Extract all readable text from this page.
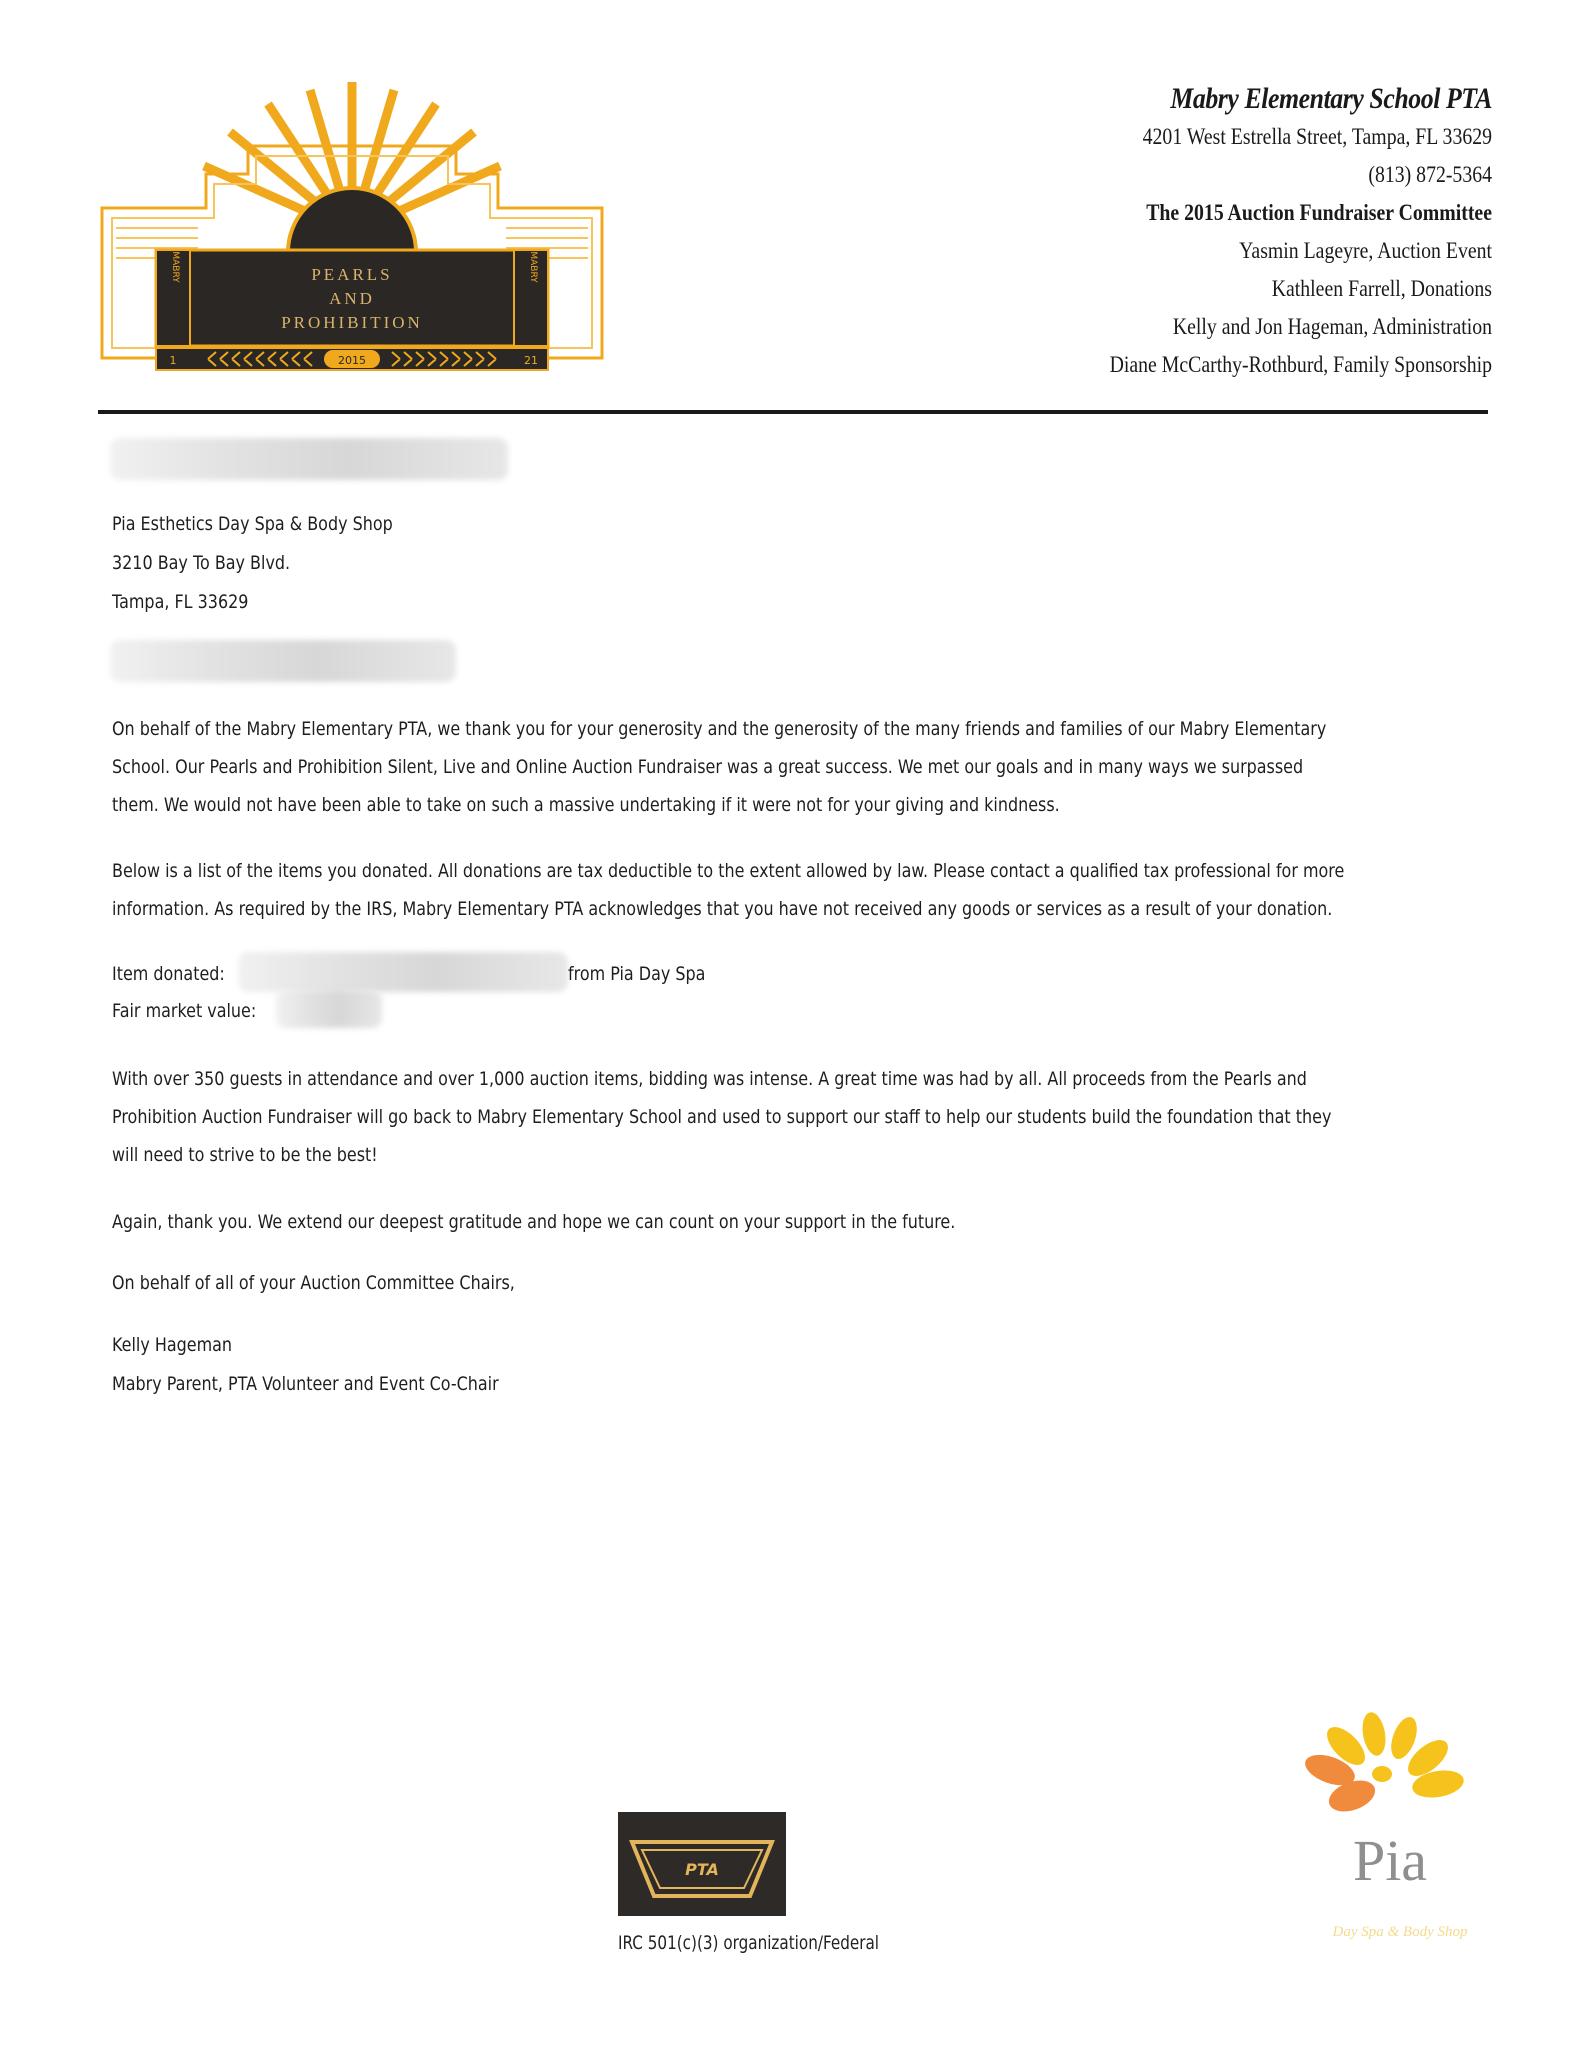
MABRY	MABRY
PEARLS
AND
PROHIBITION
2015
1	21
Mabry Elementary School PTA
4201 West Estrella Street, Tampa, FL 33629
(813) 872-5364
The 2015 Auction Fundraiser Committee
Yasmin Lageyre, Auction Event
Kathleen Farrell, Donations
Kelly and Jon Hageman, Administration
Diane McCarthy-Rothburd, Family Sponsorship
Pia Esthetics Day Spa & Body Shop
3210 Bay To Bay Blvd.
Tampa, FL 33629
On behalf of the Mabry Elementary PTA, we thank you for your generosity and the generosity of the many friends and families of our Mabry Elementary
School. Our Pearls and Prohibition Silent, Live and Online Auction Fundraiser was a great success. We met our goals and in many ways we surpassed
them. We would not have been able to take on such a massive undertaking if it were not for your giving and kindness.
Below is a list of the items you donated. All donations are tax deductible to the extent allowed by law. Please contact a qualified tax professional for more
information. As required by the IRS, Mabry Elementary PTA acknowledges that you have not received any goods or services as a result of your donation.
Item donated:	from Pia Day Spa
Fair market value:
With over 350 guests in attendance and over 1,000 auction items, bidding was intense. A great time was had by all. All proceeds from the Pearls and
Prohibition Auction Fundraiser will go back to Mabry Elementary School and used to support our staff to help our students build the foundation that they
will need to strive to be the best!
Again, thank you. We extend our deepest gratitude and hope we can count on your support in the future.
On behalf of all of your Auction Committee Chairs,
Kelly Hageman
Mabry Parent, PTA Volunteer and Event Co-Chair
PTA
IRC 501(c)(3) organization/Federal
Pia
Day Spa & Body Shop
